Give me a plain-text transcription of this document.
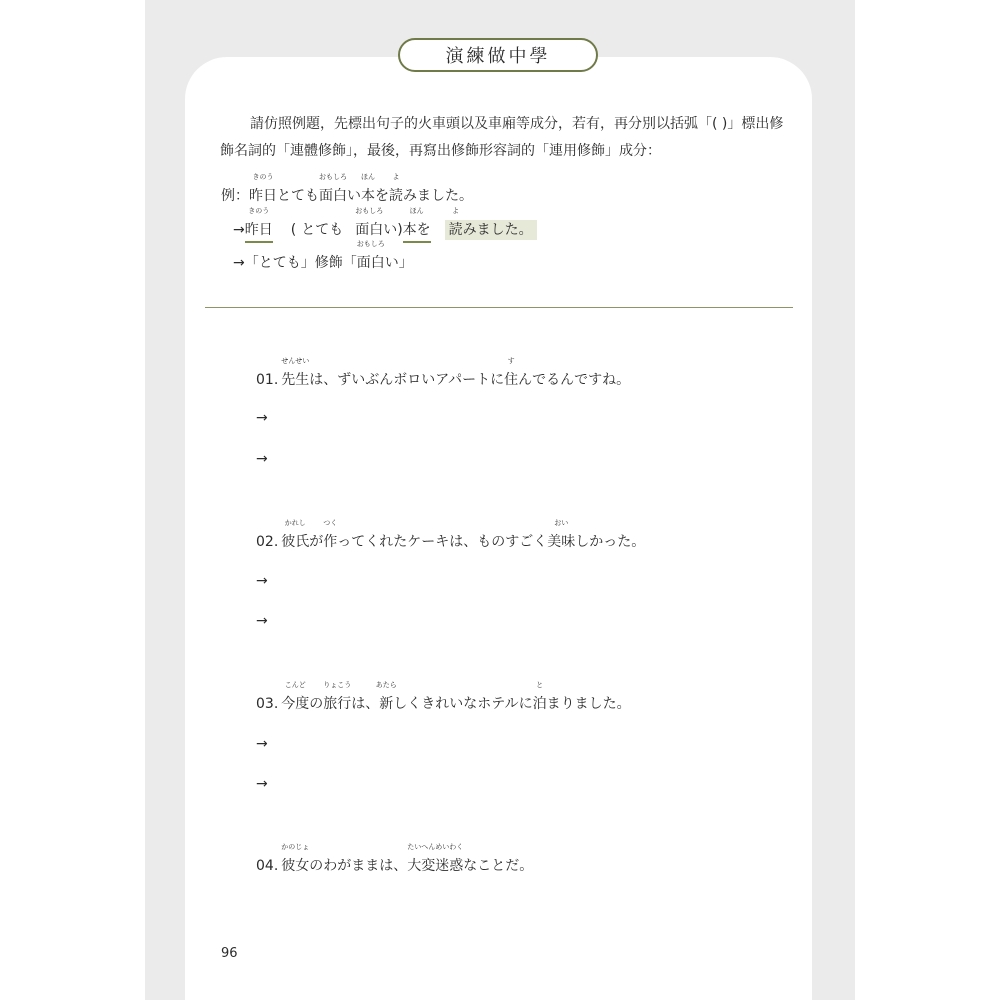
演練做中學
請仿照例題，先標出句子的火車頭以及車廂等成分，若有，再分別以括弧「( )」標出修飾名詞的「連體修飾」，最後，再寫出修飾形容詞的「連用修飾」成分：
例：
きのう
昨日とても
おもしろ
面白い
ほん
本を
よ
読みました。
→
きのう
昨日 ( とても
おもしろ
面白い)
ほん
本を
よ
読みました。
→「とても」修飾「
おもしろ
面白い」
01.
せんせい
先生は、ずいぶんボロいアパートに
す
住んでるんですね。
→
→
02.
かれし
彼氏が
つく
作ってくれたケーキは、ものすごく
おい
美味しかった。
→
→
03.
こんど
今度の
りょこう
旅行は、
あたら
新しくきれいなホテルに
と
泊まりました。
→
→
04.
かのじょ
彼女のわがままは、
たいへんめいわく
大変迷惑なことだ。
96
